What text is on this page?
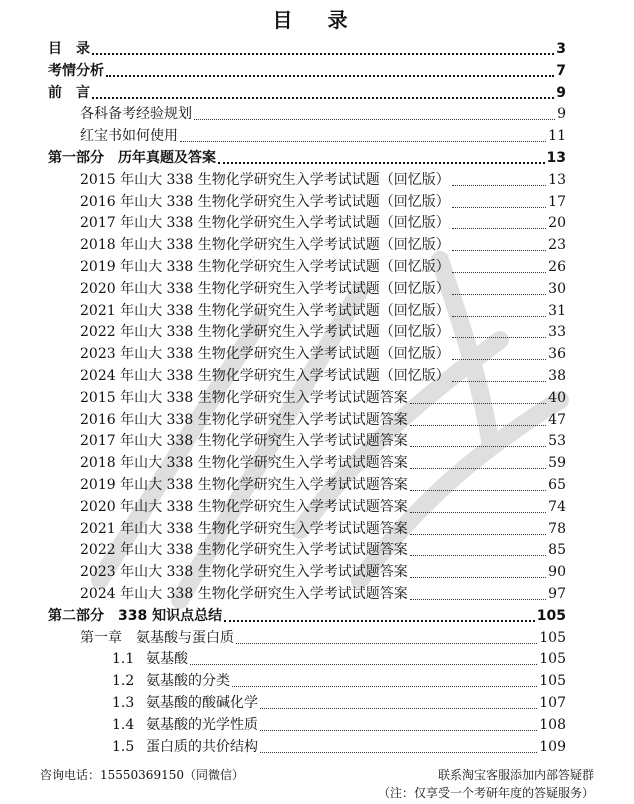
目 录
目　录	3
考情分析	7
前　言	9
各科备考经验规划	9
红宝书如何使用	11
第一部分　历年真题及答案	13
2015 年山大 338 生物化学研究生入学考试试题（回忆版）	13
2016 年山大 338 生物化学研究生入学考试试题（回忆版）	17
2017 年山大 338 生物化学研究生入学考试试题（回忆版）	20
2018 年山大 338 生物化学研究生入学考试试题（回忆版）	23
2019 年山大 338 生物化学研究生入学考试试题（回忆版）	26
2020 年山大 338 生物化学研究生入学考试试题（回忆版）	30
2021 年山大 338 生物化学研究生入学考试试题（回忆版）	31
2022 年山大 338 生物化学研究生入学考试试题（回忆版）	33
2023 年山大 338 生物化学研究生入学考试试题（回忆版）	36
2024 年山大 338 生物化学研究生入学考试试题（回忆版）	38
2015 年山大 338 生物化学研究生入学考试试题答案	40
2016 年山大 338 生物化学研究生入学考试试题答案	47
2017 年山大 338 生物化学研究生入学考试试题答案	53
2018 年山大 338 生物化学研究生入学考试试题答案	59
2019 年山大 338 生物化学研究生入学考试试题答案	65
2020 年山大 338 生物化学研究生入学考试试题答案	74
2021 年山大 338 生物化学研究生入学考试试题答案	78
2022 年山大 338 生物化学研究生入学考试试题答案	85
2023 年山大 338 生物化学研究生入学考试试题答案	90
2024 年山大 338 生物化学研究生入学考试试题答案	97
第二部分　338 知识点总结	105
第一章　氨基酸与蛋白质	105
1.1 氨基酸	105
1.2 氨基酸的分类	105
1.3 氨基酸的酸碱化学	107
1.4 氨基酸的光学性质	108
1.5 蛋白质的共价结构	109
咨询电话：15550369150（同微信）	联系淘宝客服添加内部答疑群
（注：仅享受一个考研年度的答疑服务）
